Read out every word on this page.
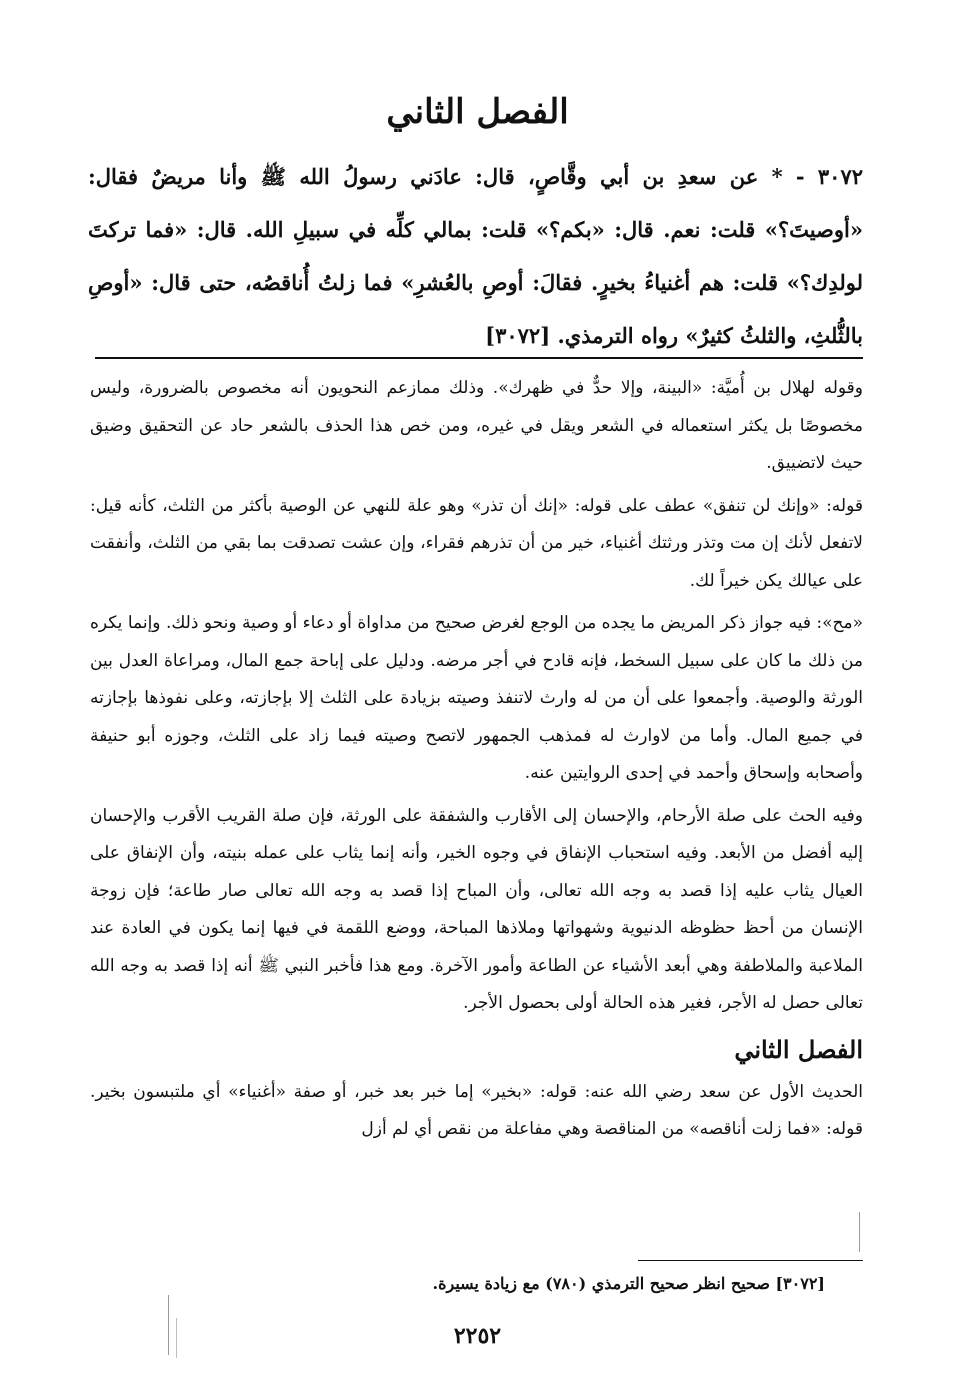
الفصل الثاني
٣٠٧٢ - * عن سعدِ بن أبي وقَّاصٍ، قال: عادَني رسولُ الله ﷺ وأنا مريضٌ فقال: «أوصيتَ؟» قلت: نعم. قال: «بكم؟» قلت: بمالي كلِّه في سبيلِ الله. قال: «فما تركتَ لولدِك؟» قلت: هم أغنياءُ بخيرٍ. فقالَ: أوصِ بالعُشرِ» فما زلتُ أُناقصُه، حتى قال: «أوصِ بالثُّلثِ، والثلثُ كثيرٌ» رواه الترمذي. [٣٠٧٢]

وقوله لهلال بن أُميَّة: «البينة، وإلا حدٌّ في ظهرك». وذلك ممازعم النحويون أنه مخصوص بالضرورة، وليس مخصوصًا بل يكثر استعماله في الشعر ويقل في غيره، ومن خص هذا الحذف بالشعر حاد عن التحقيق وضيق حيث لاتضييق.

قوله: «وإنك لن تنفق» عطف على قوله: «إنك أن تذر» وهو علة للنهي عن الوصية بأكثر من الثلث، كأنه قيل: لاتفعل لأنك إن مت وتذر ورثتك أغنياء، خير من أن تذرهم فقراء، وإن عشت تصدقت بما بقي من الثلث، وأنفقت على عيالك يكن خيراً لك.

«مح»: فيه جواز ذكر المريض ما يجده من الوجع لغرض صحيح من مداواة أو دعاء أو وصية ونحو ذلك. وإنما يكره من ذلك ما كان على سبيل السخط، فإنه قادح في أجر مرضه. ودليل على إباحة جمع المال، ومراعاة العدل بين الورثة والوصية. وأجمعوا على أن من له وارث لاتنفذ وصيته بزيادة على الثلث إلا بإجازته، وعلى نفوذها بإجازته في جميع المال. وأما من لاوارث له فمذهب الجمهور لاتصح وصيته فيما زاد على الثلث، وجوزه أبو حنيفة وأصحابه وإسحاق وأحمد في إحدى الروايتين عنه.

وفيه الحث على صلة الأرحام، والإحسان إلى الأقارب والشفقة على الورثة، فإن صلة القريب الأقرب والإحسان إليه أفضل من الأبعد. وفيه استحباب الإنفاق في وجوه الخير، وأنه إنما يثاب على عمله بنيته، وأن الإنفاق على العيال يثاب عليه إذا قصد به وجه الله تعالى، وأن المباح إذا قصد به وجه الله تعالى صار طاعة؛ فإن زوجة الإنسان من أحظ حظوظه الدنيوية وشهواتها وملاذها المباحة، ووضع اللقمة في فيها إنما يكون في العادة عند الملاعبة والملاطفة وهي أبعد الأشياء عن الطاعة وأمور الآخرة. ومع هذا فأخبر النبي ﷺ أنه إذا قصد به وجه الله تعالى حصل له الأجر، فغير هذه الحالة أولى بحصول الأجر.

الفصل الثاني

الحديث الأول عن سعد رضي الله عنه: قوله: «بخير» إما خبر بعد خبر، أو صفة «أغنياء» أي ملتبسون بخير. قوله: «فما زلت أناقصه» من المناقصة وهي مفاعلة من نقص أي لم أزل

[٣٠٧٢] صحيح انظر صحيح الترمذي (٧٨٠) مع زيادة يسيرة.
٢٢٥٢
